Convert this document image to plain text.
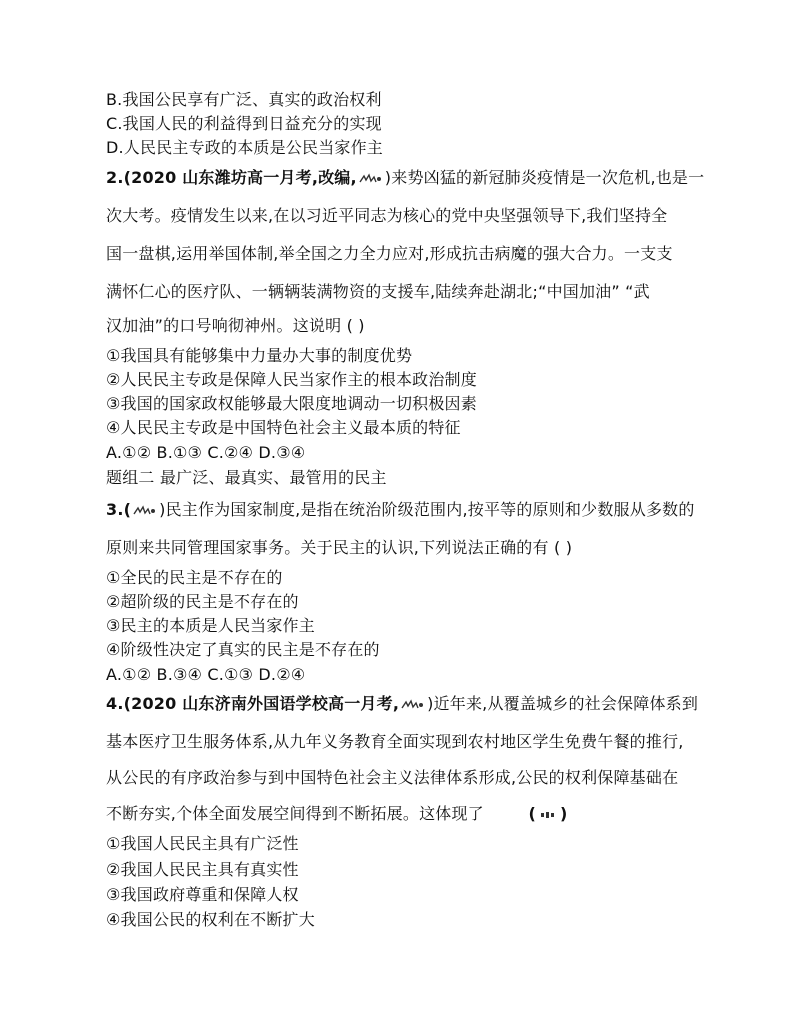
B.我国公民享有广泛、真实的政治权利
C.我国人民的利益得到日益充分的实现
D.人民民主专政的本质是公民当家作主
2.(2020 山东潍坊高一月考,改编, )来势凶猛的新冠肺炎疫情是一次危机,也是一
次大考。疫情发生以来,在以习近平同志为核心的党中央坚强领导下,我们坚持全
国一盘棋,运用举国体制,举全国之力全力应对,形成抗击病魔的强大合力。一支支
满怀仁心的医疗队、一辆辆装满物资的支援车,陆续奔赴湖北;“中国加油” “武
汉加油”的口号响彻神州。这说明 ( )
①我国具有能够集中力量办大事的制度优势
②人民民主专政是保障人民当家作主的根本政治制度
③我国的国家政权能够最大限度地调动一切积极因素
④人民民主专政是中国特色社会主义最本质的特征
A.①② B.①③ C.②④ D.③④
题组二 最广泛、最真实、最管用的民主
3.( )民主作为国家制度,是指在统治阶级范围内,按平等的原则和少数服从多数的
原则来共同管理国家事务。关于民主的认识,下列说法正确的有 ( )
①全民的民主是不存在的
②超阶级的民主是不存在的
③民主的本质是人民当家作主
④阶级性决定了真实的民主是不存在的
A.①② B.③④ C.①③ D.②④
4.(2020 山东济南外国语学校高一月考, )近年来,从覆盖城乡的社会保障体系到
基本医疗卫生服务体系,从九年义务教育全面实现到农村地区学生免费午餐的推行,
从公民的有序政治参与到中国特色社会主义法律体系形成,公民的权利保障基础在
不断夯实,个体全面发展空间得到不断拓展。这体现了	( )
①我国人民民主具有广泛性
②我国人民民主具有真实性
③我国政府尊重和保障人权
④我国公民的权利在不断扩大
